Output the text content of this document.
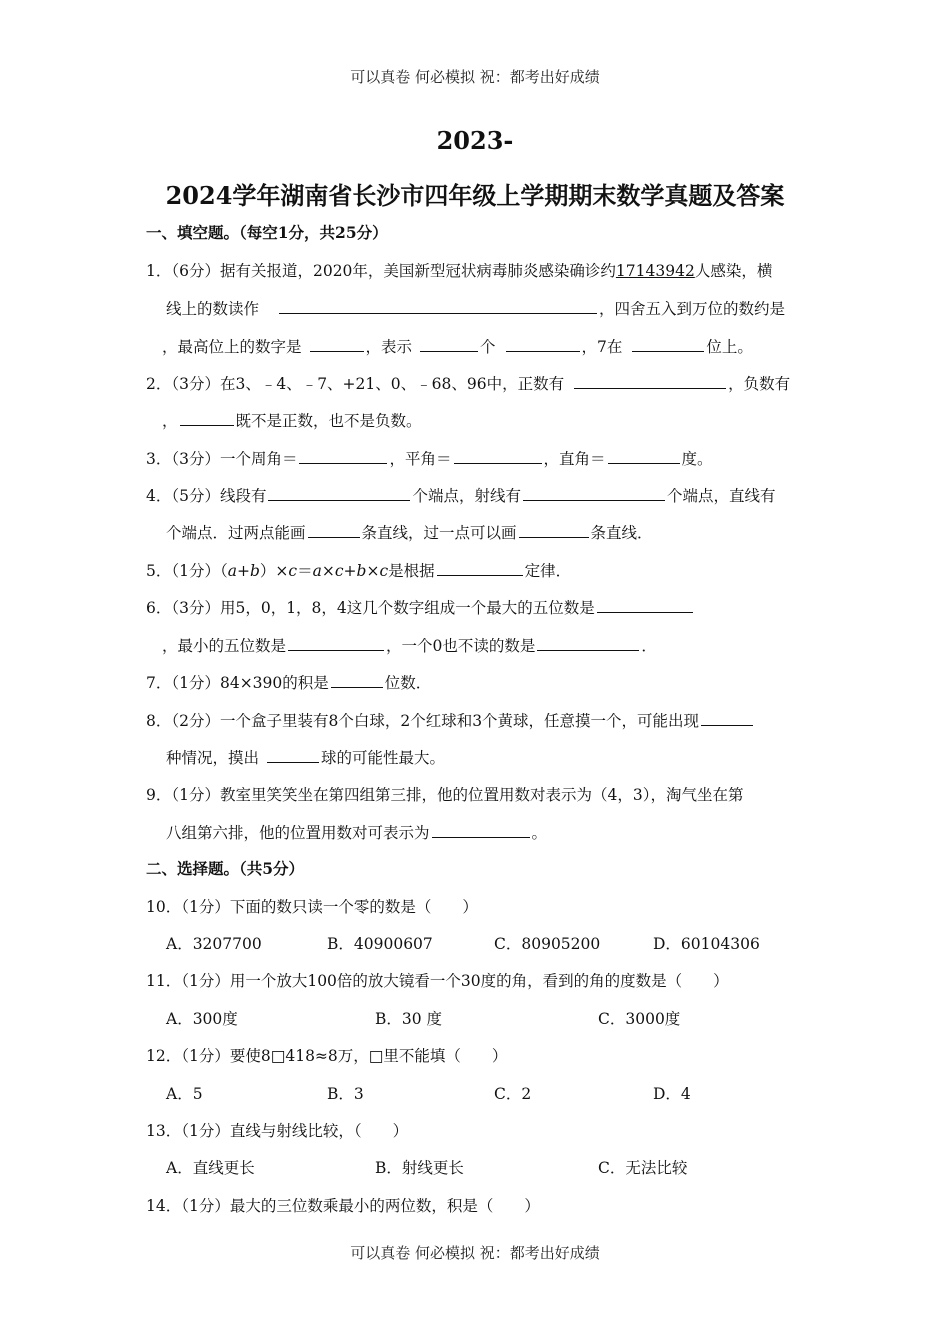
可以真卷 何必模拟 祝：都考出好成绩
2023-
2024学年湖南省长沙市四年级上学期期末数学真题及答案
一、填空题。（每空1分，共25分）
1．（6分）据有关报道，2020年，美国新型冠状病毒肺炎感染确诊约17143942人感染，横
线上的数读作	，四舍五入到万位的数约是
，最高位上的数字是	，表示	个	，7在	位上。
2．（3分）在3、﹣4、﹣7、+21、0、﹣68、96中，正数有	，负数有
，	既不是正数，也不是负数。
3．（3分）一个周角＝	，平角＝	，直角＝	度。
4．（5分）线段有	个端点，射线有	个端点，直线有
个端点．过两点能画	条直线，过一点可以画	条直线．
5．（1分）（a+b）×c＝a×c+b×c是根据	定律．
6．（3分）用5，0，1，8，4这几个数字组成一个最大的五位数是
，最小的五位数是	，一个0也不读的数是	．
7．（1分）84×390的积是	位数．
8．（2分）一个盒子里装有8个白球，2个红球和3个黄球，任意摸一个，可能出现
种情况，摸出	球的可能性最大。
9．（1分）教室里笑笑坐在第四组第三排，他的位置用数对表示为（4，3），淘气坐在第
八组第六排，他的位置用数对可表示为	。
二、选择题。（共5分）
10．（1分）下面的数只读一个零的数是（　　）
A．3207700	B．40900607	C．80905200	D．60104306
11．（1分）用一个放大100倍的放大镜看一个30度的角，看到的角的度数是（　　）
A．300度	B．30 度	C．3000度
12．（1分）要使8□418≈8万，□里不能填（　　）
A．5	B．3	C．2	D．4
13．（1分）直线与射线比较，（　　）
A．直线更长	B．射线更长	C．无法比较
14．（1分）最大的三位数乘最小的两位数，积是（　　）
可以真卷 何必模拟 祝：都考出好成绩
